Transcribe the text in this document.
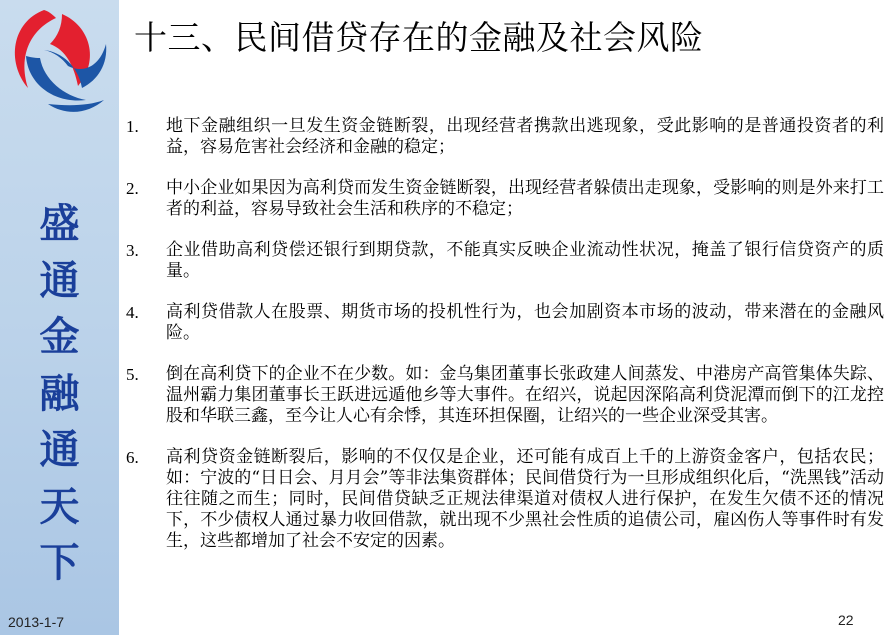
盛
通
金
融
通
天
下
2013-1-7
十三、民间借贷存在的金融及社会风险
1.	地下金融组织一旦发生资金链断裂，出现经营者携款出逃现象，受此影响的是普通投资者的利益，容易危害社会经济和金融的稳定；
2.	中小企业如果因为高利贷而发生资金链断裂，出现经营者躲债出走现象，受影响的则是外来打工者的利益，容易导致社会生活和秩序的不稳定；
3.	企业借助高利贷偿还银行到期贷款，不能真实反映企业流动性状况，掩盖了银行信贷资产的质量。
4.	高利贷借款人在股票、期货市场的投机性行为，也会加剧资本市场的波动，带来潜在的金融风险。
5.	倒在高利贷下的企业不在少数。如：金乌集团董事长张政建人间蒸发、中港房产高管集体失踪、温州霸力集团董事长王跃进远遁他乡等大事件。在绍兴，说起因深陷高利贷泥潭而倒下的江龙控股和华联三鑫，至今让人心有余悸，其连环担保圈，让绍兴的一些企业深受其害。
6.	高利贷资金链断裂后，影响的不仅仅是企业，还可能有成百上千的上游资金客户，包括农民；如：宁波的“日日会、月月会”等非法集资群体；民间借贷行为一旦形成组织化后，“洗黑钱”活动往往随之而生；同时，民间借贷缺乏正规法律渠道对债权人进行保护，在发生欠债不还的情况下，不少债权人通过暴力收回借款，就出现不少黑社会性质的追债公司，雇凶伤人等事件时有发生，这些都增加了社会不安定的因素。
22
